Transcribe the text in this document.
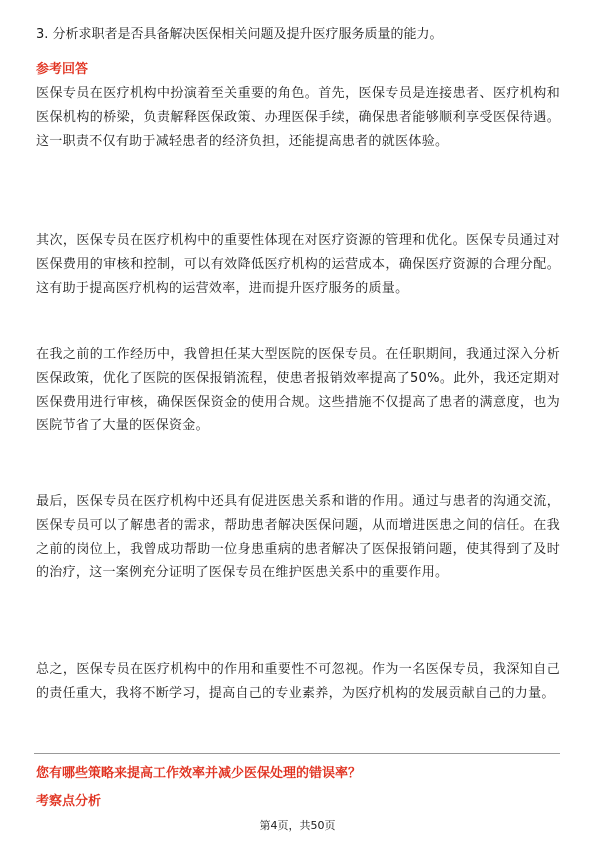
3. 分析求职者是否具备解决医保相关问题及提升医疗服务质量的能力。
参考回答

医保专员在医疗机构中扮演着至关重要的角色。首先，医保专员是连接患者、医疗机构和医保机构的桥梁，负责解释医保政策、办理医保手续，确保患者能够顺利享受医保待遇。这一职责不仅有助于减轻患者的经济负担，还能提高患者的就医体验。

其次，医保专员在医疗机构中的重要性体现在对医疗资源的管理和优化。医保专员通过对医保费用的审核和控制，可以有效降低医疗机构的运营成本，确保医疗资源的合理分配。这有助于提高医疗机构的运营效率，进而提升医疗服务的质量。

在我之前的工作经历中，我曾担任某大型医院的医保专员。在任职期间，我通过深入分析医保政策，优化了医院的医保报销流程，使患者报销效率提高了50%。此外，我还定期对医保费用进行审核，确保医保资金的使用合规。这些措施不仅提高了患者的满意度，也为医院节省了大量的医保资金。

最后，医保专员在医疗机构中还具有促进医患关系和谐的作用。通过与患者的沟通交流，医保专员可以了解患者的需求，帮助患者解决医保问题，从而增进医患之间的信任。在我之前的岗位上，我曾成功帮助一位身患重病的患者解决了医保报销问题，使其得到了及时的治疗，这一案例充分证明了医保专员在维护医患关系中的重要作用。

总之，医保专员在医疗机构中的作用和重要性不可忽视。作为一名医保专员，我深知自己的责任重大，我将不断学习，提高自己的专业素养，为医疗机构的发展贡献自己的力量。

您有哪些策略来提高工作效率并减少医保处理的错误率？
考察点分析
第4页，共50页
